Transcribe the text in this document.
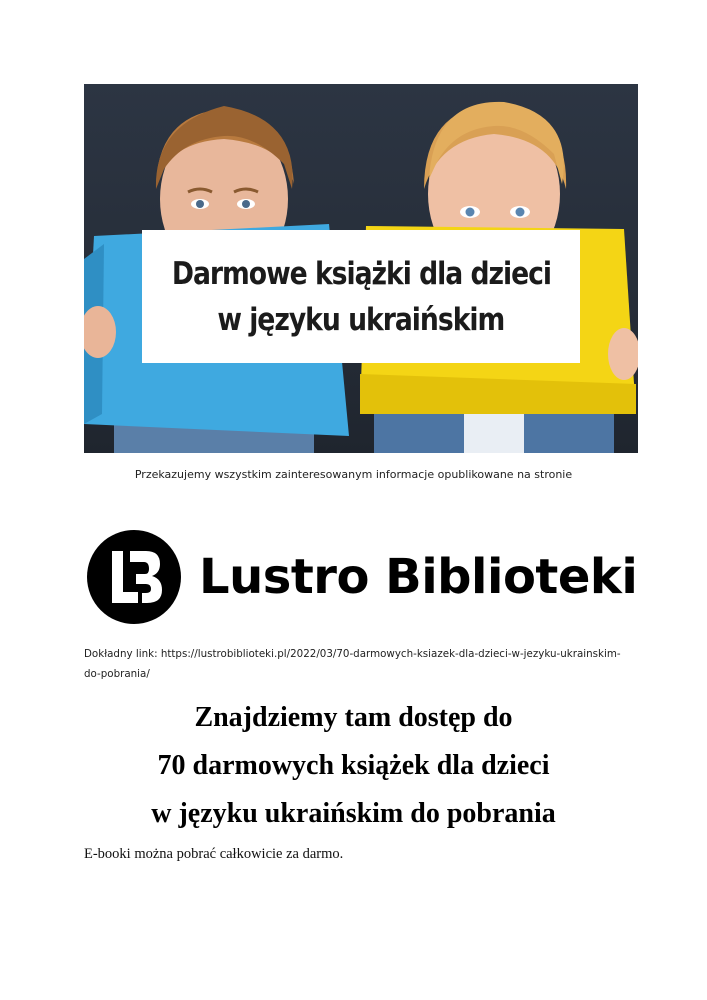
Darmowe książki dla dzieci
w języku ukraińskim
Przekazujemy wszystkim zainteresowanym informacje opublikowane na stronie
Lustro Biblioteki
Dokładny link: https://lustrobiblioteki.pl/2022/03/70-darmowych-ksiazek-dla-dzieci-w-jezyku-ukrainskim-do-pobrania/
Znajdziemy tam dostęp do
70 darmowych książek dla dzieci
w języku ukraińskim do pobrania
E-booki można pobrać całkowicie za darmo.
